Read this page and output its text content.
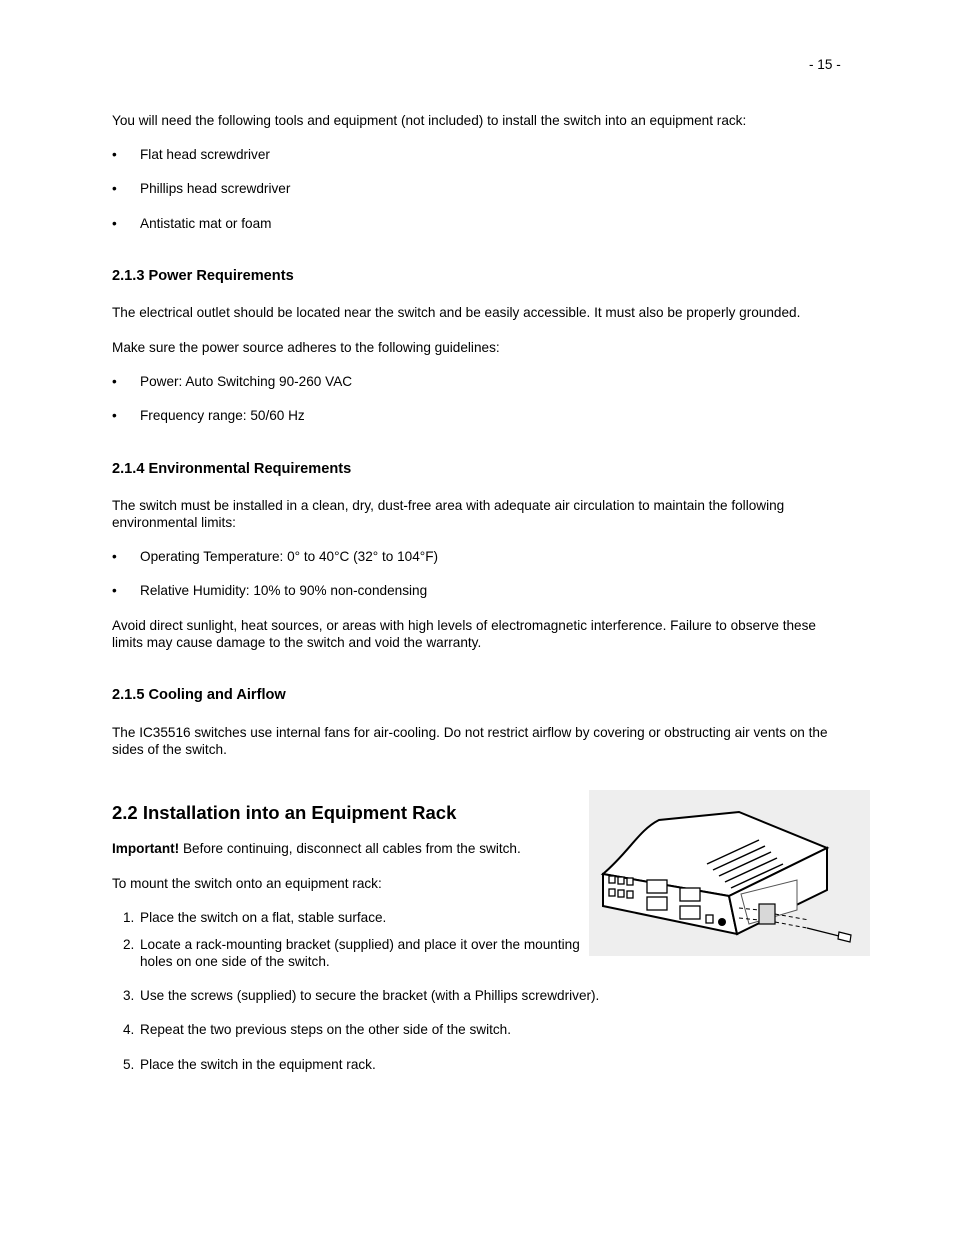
- 15 -

You will need the following tools and equipment (not included) to install the switch into an equipment rack:

• Flat head screwdriver
• Phillips head screwdriver
• Antistatic mat or foam
2.1.3 Power Requirements

The electrical outlet should be located near the switch and be easily accessible. It must also be properly grounded.

Make sure the power source adheres to the following guidelines:

• Power: Auto Switching 90-260 VAC
• Frequency range: 50/60 Hz
2.1.4 Environmental Requirements

The switch must be installed in a clean, dry, dust-free area with adequate air circulation to maintain the following environmental limits:

• Operating Temperature: 0° to 40°C (32° to 104°F)
• Relative Humidity: 10% to 90% non-condensing

Avoid direct sunlight, heat sources, or areas with high levels of electromagnetic interference. Failure to observe these limits may cause damage to the switch and void the warranty.

2.1.5 Cooling and Airflow

The IC35516 switches use internal fans for air-cooling. Do not restrict airflow by covering or obstructing air vents on the sides of the switch.

2.2 Installation into an Equipment Rack

Important! Before continuing, disconnect all cables from the switch.

To mount the switch onto an equipment rack:

1. Place the switch on a flat, stable surface.
2. Locate a rack-mounting bracket (supplied) and place it over the mounting holes on one side of the switch.
3. Use the screws (supplied) to secure the bracket (with a Phillips screwdriver).
4. Repeat the two previous steps on the other side of the switch.
5. Place the switch in the equipment rack.
